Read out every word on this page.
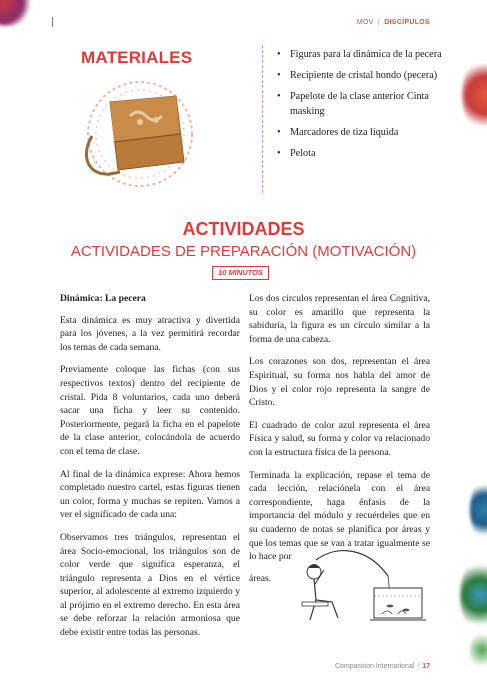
MOV | DISCÍPULOS
MATERIALES
•	Figuras para la dinámica de la pecera
• Recipiente de cristal hondo (pecera)
• Papelote de la clase anterior Cinta masking
• Marcadores de tiza líquida
• Pelota
ACTIVIDADES
ACTIVIDADES DE PREPARACIÓN (MOTIVACIÓN)
10 MINUTOS

Dinámica: La pecera

Esta dinámica es muy atractiva y divertida para los jóvenes, a la vez permitirá recordar los temas de cada semana.

Previamente coloque las fichas (con sus respectivos textos) dentro del recipiente de cristal. Pida 8 voluntarios, cada uno deberá sacar una ficha y leer su contenido. Posteriormente, pegará la ficha en el papelote de la clase anterior, colocándola de acuerdo con el tema de clase.

Al final de la dinámica exprese: Ahora hemos completado nuestro cartel, estas figuras tienen un color, forma y muchas se repiten. Vamos a ver el significado de cada una:

Observamos tres triángulos, representan el área Socio-emocional, los triángulos son de color verde que significa esperanza, el triángulo representa a Dios en el vértice superior, al adolescente al extremo izquierdo y al prójimo en el extremo derecho. En esta área se debe reforzar la relación armoniosa que debe existir entre todas las personas.

Los dos círculos representan el área Cognitiva, su color es amarillo que representa la sabiduría, la figura es un círculo similar a la forma de una cabeza.

Los corazones son dos, representan el área Espiritual, su forma nos habla del amor de Dios y el color rojo representa la sangre de Cristo.

El cuadrado de color azul representa el área Física y salud, su forma y color va relacionado con la estructura física de la persona.

Terminada la explicación, repase el tema de cada lección, relaciónela con el área correspondiente, haga énfasis de la importancia del módulo y recuérdeles que en su cuaderno de notas se planifica por áreas y que los temas que se van a tratar igualmente se lo hace por

áreas.

Compassion International | 17
